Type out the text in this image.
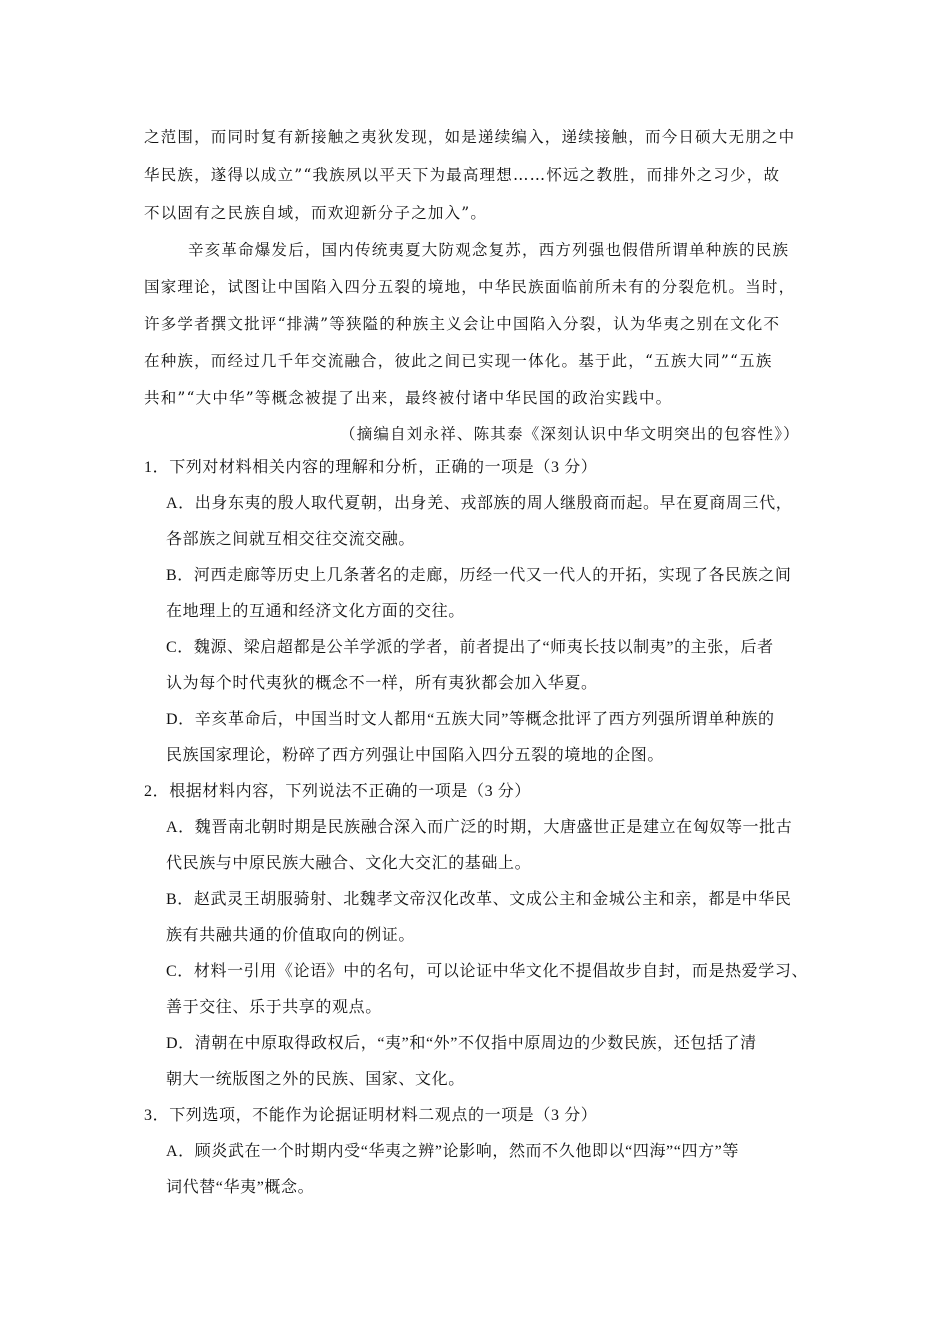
之范围，而同时复有新接触之夷狄发现，如是递续编入，递续接触，而今日硕大无朋之中
华民族，遂得以成立”“我族夙以平天下为最高理想……怀远之教胜，而排外之习少，故
不以固有之民族自域，而欢迎新分子之加入”。
辛亥革命爆发后，国内传统夷夏大防观念复苏，西方列强也假借所谓单种族的民族
国家理论，试图让中国陷入四分五裂的境地，中华民族面临前所未有的分裂危机。当时，
许多学者撰文批评“排满”等狭隘的种族主义会让中国陷入分裂，认为华夷之别在文化不
在种族，而经过几千年交流融合，彼此之间已实现一体化。基于此，“五族大同”“五族
共和”“大中华”等概念被提了出来，最终被付诸中华民国的政治实践中。
（摘编自刘永祥、陈其泰《深刻认识中华文明突出的包容性》）
1．下列对材料相关内容的理解和分析，正确的一项是（3 分）
A．出身东夷的殷人取代夏朝，出身羌、戎部族的周人继殷商而起。早在夏商周三代，
各部族之间就互相交往交流交融。
B．河西走廊等历史上几条著名的走廊，历经一代又一代人的开拓，实现了各民族之间
在地理上的互通和经济文化方面的交往。
C．魏源、梁启超都是公羊学派的学者，前者提出了“师夷长技以制夷”的主张，后者
认为每个时代夷狄的概念不一样，所有夷狄都会加入华夏。
D．辛亥革命后，中国当时文人都用“五族大同”等概念批评了西方列强所谓单种族的
民族国家理论，粉碎了西方列强让中国陷入四分五裂的境地的企图。
2．根据材料内容，下列说法不正确的一项是（3 分）
A．魏晋南北朝时期是民族融合深入而广泛的时期，大唐盛世正是建立在匈奴等一批古
代民族与中原民族大融合、文化大交汇的基础上。
B．赵武灵王胡服骑射、北魏孝文帝汉化改革、文成公主和金城公主和亲，都是中华民
族有共融共通的价值取向的例证。
C．材料一引用《论语》中的名句，可以论证中华文化不提倡故步自封，而是热爱学习、
善于交往、乐于共享的观点。
D．清朝在中原取得政权后，“夷”和“外”不仅指中原周边的少数民族，还包括了清
朝大一统版图之外的民族、国家、文化。
3．下列选项，不能作为论据证明材料二观点的一项是（3 分）
A．顾炎武在一个时期内受“华夷之辨”论影响，然而不久他即以“四海”“四方”等
词代替“华夷”概念。
